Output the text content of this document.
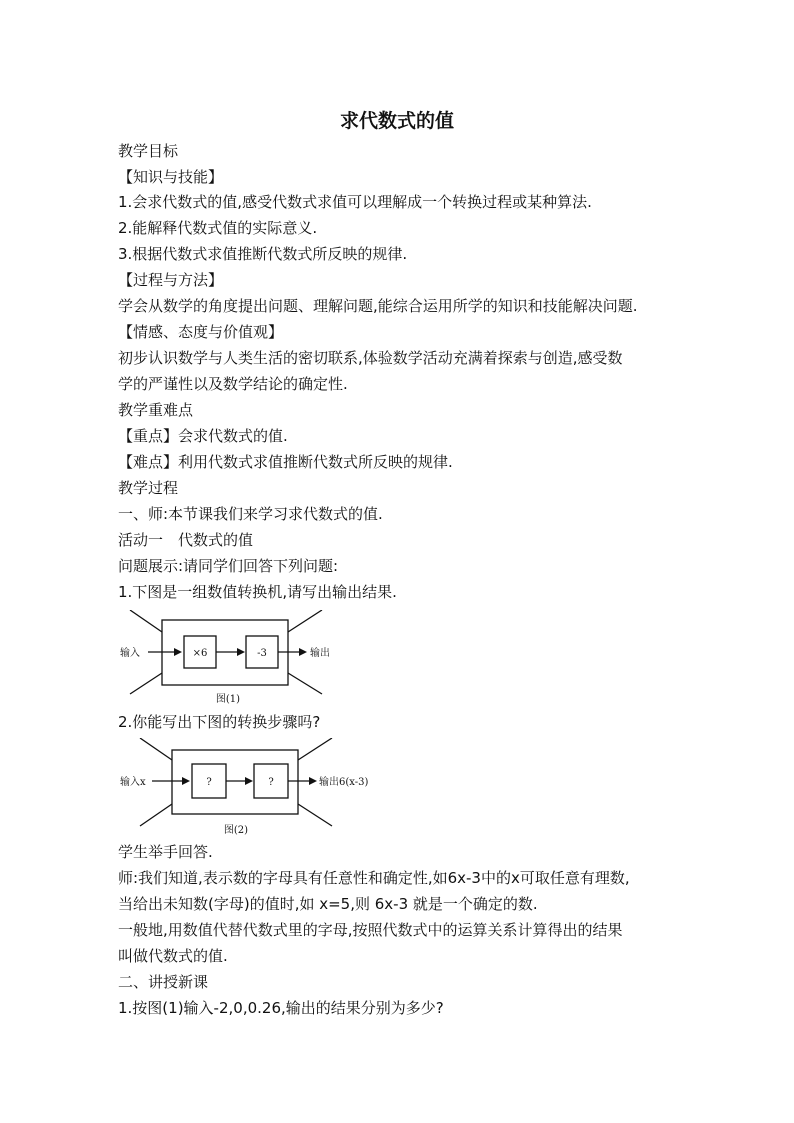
求代数式的值
教学目标
【知识与技能】
1.会求代数式的值,感受代数式求值可以理解成一个转换过程或某种算法.
2.能解释代数式值的实际意义.
3.根据代数式求值推断代数式所反映的规律.
【过程与方法】
学会从数学的角度提出问题、理解问题,能综合运用所学的知识和技能解决问题.
【情感、态度与价值观】
初步认识数学与人类生活的密切联系,体验数学活动充满着探索与创造,感受数
学的严谨性以及数学结论的确定性.
教学重难点
【重点】会求代数式的值.
【难点】利用代数式求值推断代数式所反映的规律.
教学过程
一、师:本节课我们来学习求代数式的值.
活动一　代数式的值
问题展示:请同学们回答下列问题:
1.下图是一组数值转换机,请写出输出结果.
输入	×6	-3	输出
图(1)
2.你能写出下图的转换步骤吗?
输入x	?	?	输出6(x-3)
图(2)
学生举手回答.
师:我们知道,表示数的字母具有任意性和确定性,如6x-3中的x可取任意有理数,
当给出未知数(字母)的值时,如 x=5,则 6x-3 就是一个确定的数.
一般地,用数值代替代数式里的字母,按照代数式中的运算关系计算得出的结果
叫做代数式的值.
二、讲授新课
1.按图(1)输入-2,0,0.26,输出的结果分别为多少?
